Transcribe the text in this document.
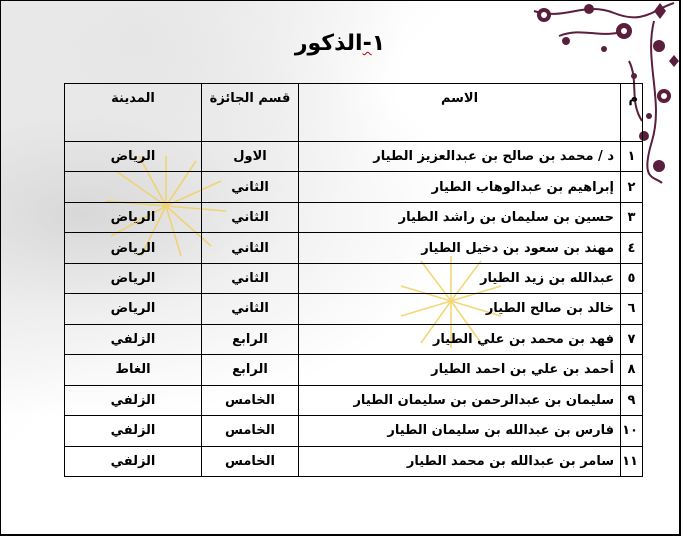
١-الذكور
م	الاسم	قسم الجائزة	المدينة
١	د / محمد بن صالح بن عبدالعزيز الطيار	الاول	الرياض
٢	إبراهيم بن عبدالوهاب الطيار	الثاني	
٣	حسين بن سليمان بن راشد الطيار	الثاني	الرياض
٤	مهند بن سعود بن دخيل الطيار	الثاني	الرياض
٥	عبدالله بن زيد الطيار	الثاني	الرياض
٦	خالد بن صالح الطيار	الثاني	الرياض
٧	فهد بن محمد بن علي الطيار	الرابع	الزلفي
٨	أحمد بن علي بن احمد الطيار	الرابع	الغاط
٩	سليمان بن عبدالرحمن بن سليمان الطيار	الخامس	الزلفي
١٠	فارس بن عبدالله بن سليمان الطيار	الخامس	الزلفي
١١	سامر بن عبدالله بن محمد الطيار	الخامس	الزلفي
